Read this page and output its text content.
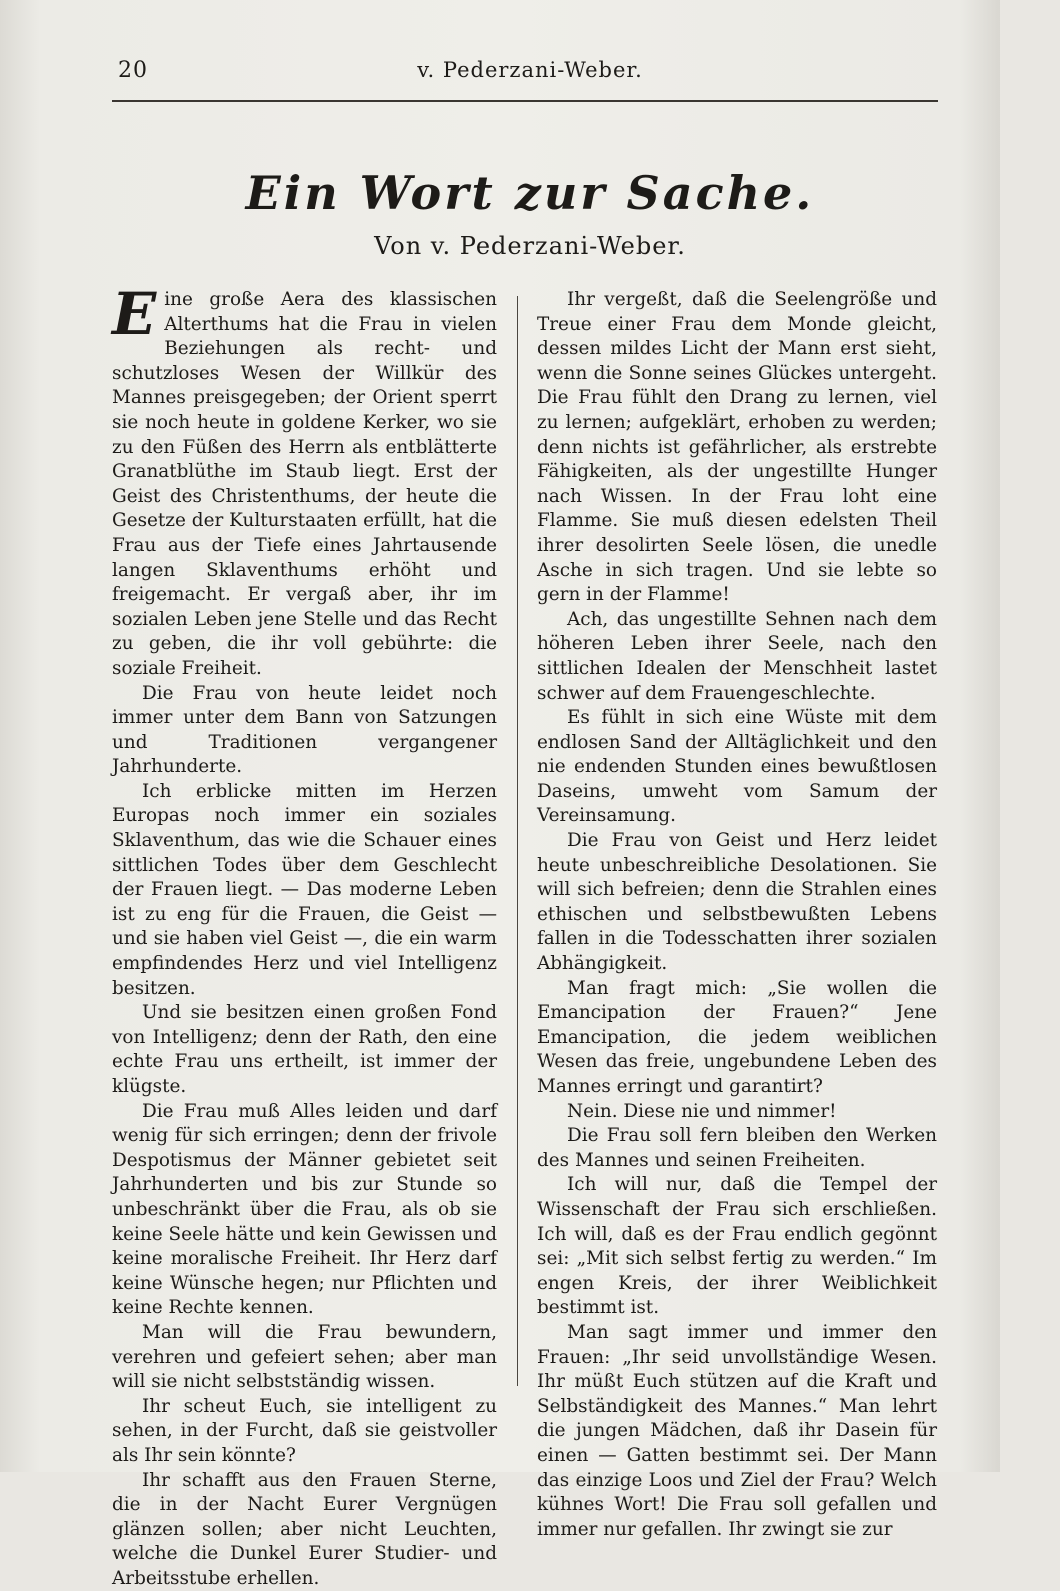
20	v. Pederzani-Weber.
Ein Wort zur Sache.
Von v. Pederzani-Weber.

Eine große Aera des klassischen Alterthums hat die Frau in vielen Beziehungen als recht- und schutzloses Wesen der Willkür des Mannes preisgegeben; der Orient sperrt sie noch heute in goldene Kerker, wo sie zu den Füßen des Herrn als entblätterte Granatblüthe im Staub liegt. Erst der Geist des Christenthums, der heute die Gesetze der Kulturstaaten erfüllt, hat die Frau aus der Tiefe eines Jahrtausende langen Sklaventhums erhöht und freigemacht. Er vergaß aber, ihr im sozialen Leben jene Stelle und das Recht zu geben, die ihr voll gebührte: die soziale Freiheit.

Die Frau von heute leidet noch immer unter dem Bann von Satzungen und Traditionen vergangener Jahrhunderte.

Ich erblicke mitten im Herzen Europas noch immer ein soziales Sklaventhum, das wie die Schauer eines sittlichen Todes über dem Geschlecht der Frauen liegt. — Das moderne Leben ist zu eng für die Frauen, die Geist — und sie haben viel Geist —, die ein warm empfindendes Herz und viel Intelligenz besitzen.

Und sie besitzen einen großen Fond von Intelligenz; denn der Rath, den eine echte Frau uns ertheilt, ist immer der klügste.

Die Frau muß Alles leiden und darf wenig für sich erringen; denn der frivole Despotismus der Männer gebietet seit Jahrhunderten und bis zur Stunde so unbeschränkt über die Frau, als ob sie keine Seele hätte und kein Gewissen und keine moralische Freiheit. Ihr Herz darf keine Wünsche hegen; nur Pflichten und keine Rechte kennen.

Man will die Frau bewundern, verehren und gefeiert sehen; aber man will sie nicht selbstständig wissen.

Ihr scheut Euch, sie intelligent zu sehen, in der Furcht, daß sie geistvoller als Ihr sein könnte?

Ihr schafft aus den Frauen Sterne, die in der Nacht Eurer Vergnügen glänzen sollen; aber nicht Leuchten, welche die Dunkel Eurer Studier- und Arbeitsstube erhellen.

Ihr vergeßt, daß die Seelengröße und Treue einer Frau dem Monde gleicht, dessen mildes Licht der Mann erst sieht, wenn die Sonne seines Glückes untergeht. Die Frau fühlt den Drang zu lernen, viel zu lernen; aufgeklärt, erhoben zu werden; denn nichts ist gefährlicher, als erstrebte Fähigkeiten, als der ungestillte Hunger nach Wissen. In der Frau loht eine Flamme. Sie muß diesen edelsten Theil ihrer desolirten Seele lösen, die unedle Asche in sich tragen. Und sie lebte so gern in der Flamme!

Ach, das ungestillte Sehnen nach dem höheren Leben ihrer Seele, nach den sittlichen Idealen der Menschheit lastet schwer auf dem Frauengeschlechte.

Es fühlt in sich eine Wüste mit dem endlosen Sand der Alltäglichkeit und den nie endenden Stunden eines bewußtlosen Daseins, umweht vom Samum der Vereinsamung.

Die Frau von Geist und Herz leidet heute unbeschreibliche Desolationen. Sie will sich befreien; denn die Strahlen eines ethischen und selbstbewußten Lebens fallen in die Todesschatten ihrer sozialen Abhängigkeit.

Man fragt mich: „Sie wollen die Emancipation der Frauen?“ Jene Emancipation, die jedem weiblichen Wesen das freie, ungebundene Leben des Mannes erringt und garantirt?

Nein. Diese nie und nimmer!

Die Frau soll fern bleiben den Werken des Mannes und seinen Freiheiten.

Ich will nur, daß die Tempel der Wissenschaft der Frau sich erschließen. Ich will, daß es der Frau endlich gegönnt sei: „Mit sich selbst fertig zu werden.“ Im engen Kreis, der ihrer Weiblichkeit bestimmt ist.

Man sagt immer und immer den Frauen: „Ihr seid unvollständige Wesen. Ihr müßt Euch stützen auf die Kraft und Selbständigkeit des Mannes.“ Man lehrt die jungen Mädchen, daß ihr Dasein für einen — Gatten bestimmt sei. Der Mann das einzige Loos und Ziel der Frau? Welch kühnes Wort! Die Frau soll gefallen und immer nur gefallen. Ihr zwingt sie zur
